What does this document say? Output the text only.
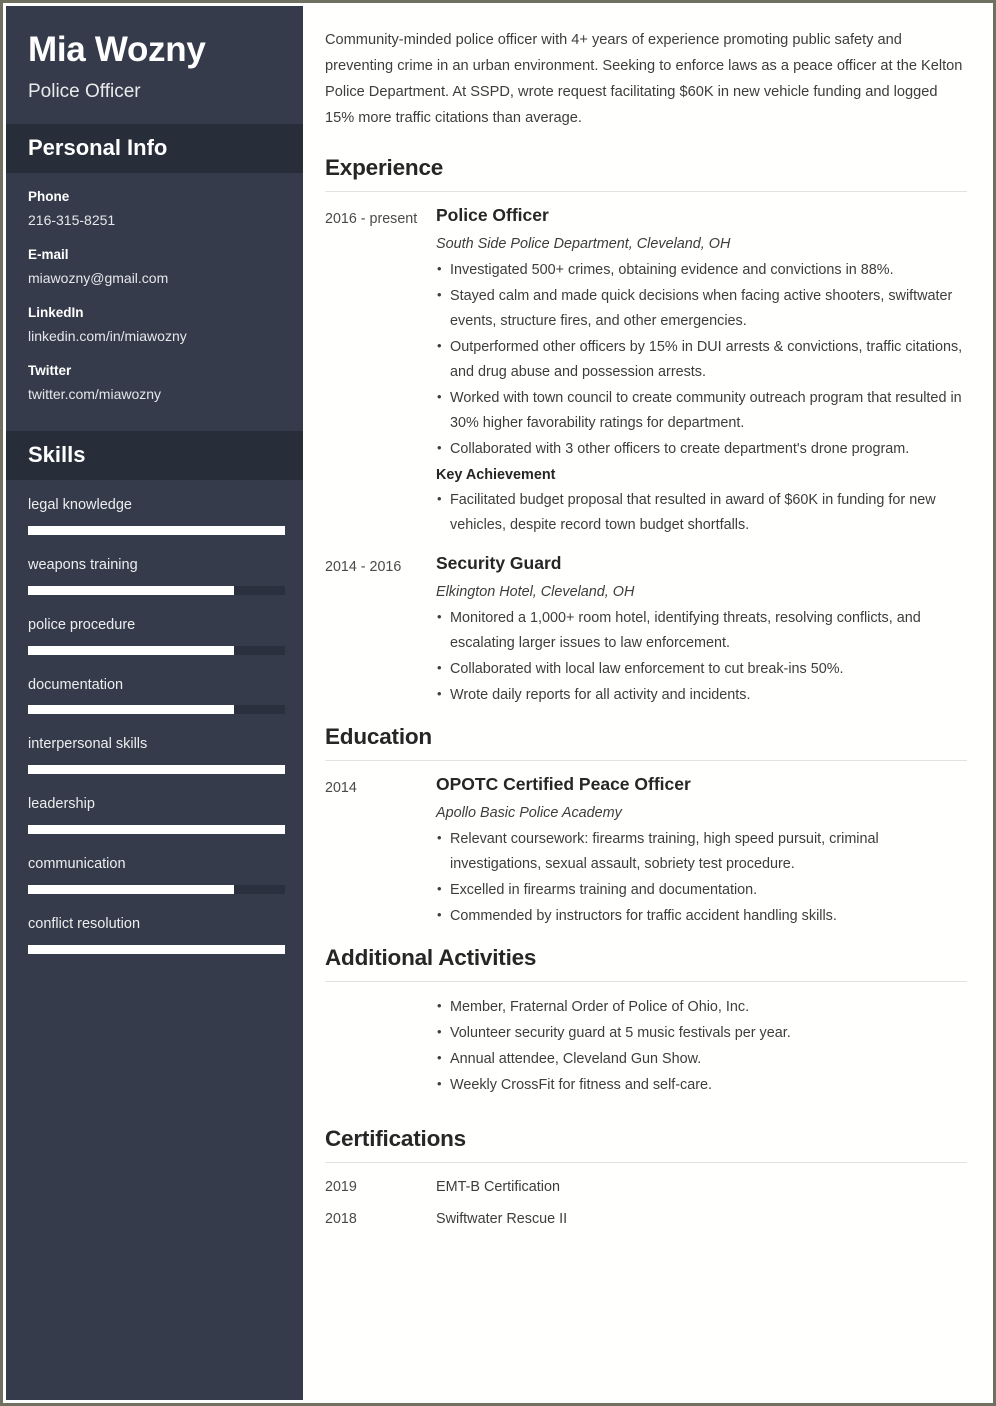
Mia Wozny
Police Officer
Personal Info
Phone
216-315-8251
E-mail
miawozny@gmail.com
LinkedIn
linkedin.com/in/miawozny
Twitter
twitter.com/miawozny
Skills
legal knowledge
weapons training
police procedure
documentation
interpersonal skills
leadership
communication
conflict resolution

Community-minded police officer with 4+ years of experience promoting public safety and preventing crime in an urban environment. Seeking to enforce laws as a peace officer at the Kelton Police Department. At SSPD, wrote request facilitating $60K in new vehicle funding and logged 15% more traffic citations than average.

Experience
2016 - present	Police Officer
South Side Police Department, Cleveland, OH
• Investigated 500+ crimes, obtaining evidence and convictions in 88%.
• Stayed calm and made quick decisions when facing active shooters, swiftwater events, structure fires, and other emergencies.
• Outperformed other officers by 15% in DUI arrests & convictions, traffic citations, and drug abuse and possession arrests.
• Worked with town council to create community outreach program that resulted in 30% higher favorability ratings for department.
• Collaborated with 3 other officers to create department's drone program.
Key Achievement
• Facilitated budget proposal that resulted in award of $60K in funding for new vehicles, despite record town budget shortfalls.
2014 - 2016	Security Guard
Elkington Hotel, Cleveland, OH
• Monitored a 1,000+ room hotel, identifying threats, resolving conflicts, and escalating larger issues to law enforcement.
• Collaborated with local law enforcement to cut break-ins 50%.
• Wrote daily reports for all activity and incidents.
Education
2014	OPOTC Certified Peace Officer
Apollo Basic Police Academy
• Relevant coursework: firearms training, high speed pursuit, criminal investigations, sexual assault, sobriety test procedure.
• Excelled in firearms training and documentation.
• Commended by instructors for traffic accident handling skills.
Additional Activities
• Member, Fraternal Order of Police of Ohio, Inc.
• Volunteer security guard at 5 music festivals per year.
• Annual attendee, Cleveland Gun Show.
• Weekly CrossFit for fitness and self-care.
Certifications
2019	EMT-B Certification
2018	Swiftwater Rescue II
